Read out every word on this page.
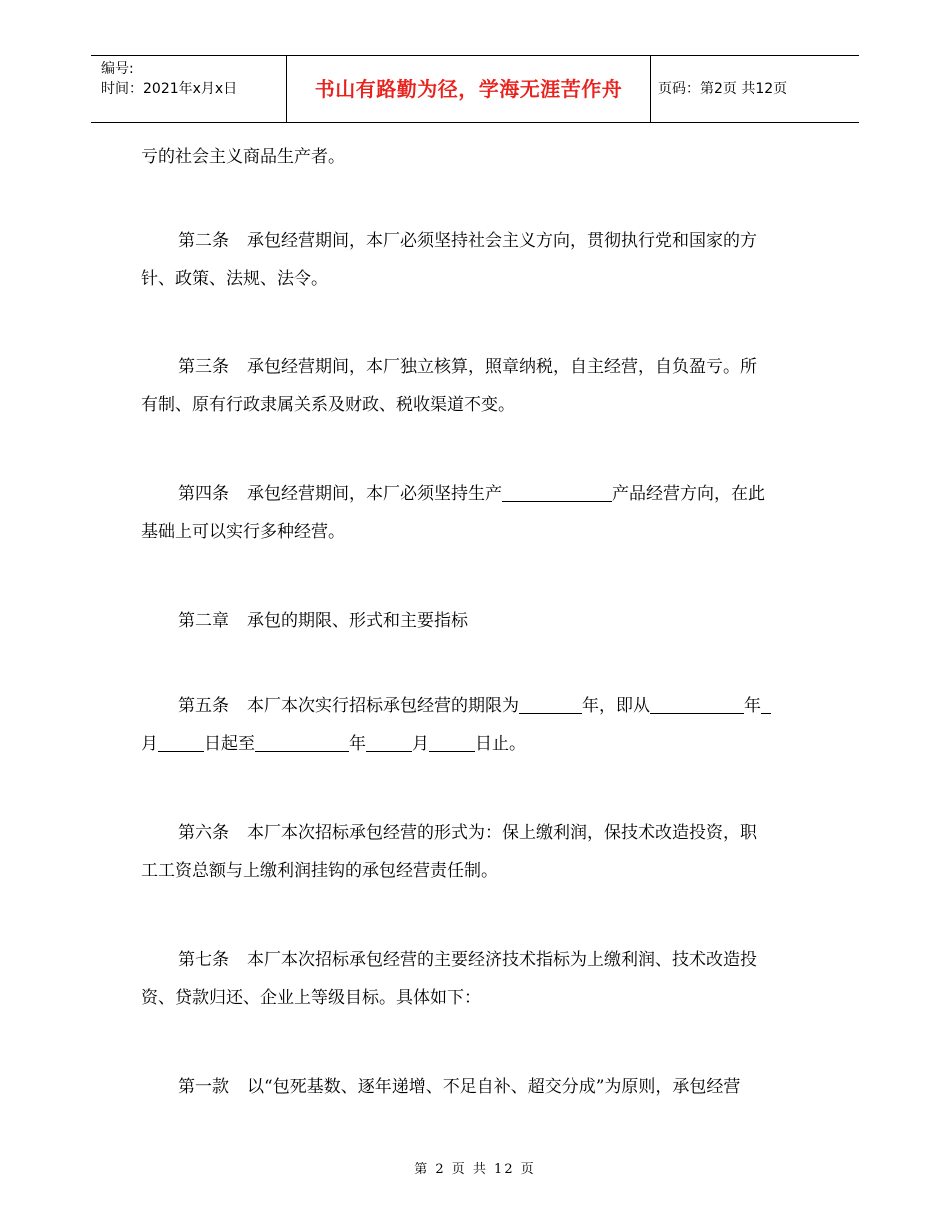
编号:
时间：2021年x月x日	书山有路勤为径，学海无涯苦作舟	页码：第2页 共12页
亏的社会主义商品生产者。
第二条 承包经营期间，本厂必须坚持社会主义方向，贯彻执行党和国家的方
针、政策、法规、法令。
第三条 承包经营期间，本厂独立核算，照章纳税，自主经营，自负盈亏。所
有制、原有行政隶属关系及财政、税收渠道不变。
第四条 承包经营期间，本厂必须坚持生产	产品经营方向，在此
基础上可以实行多种经营。
第二章 承包的期限、形式和主要指标
第五条 本厂本次实行招标承包经营的期限为	年，即从	年
月	日起至	年	月	日止。
第六条 本厂本次招标承包经营的形式为：保上缴利润，保技术改造投资，职
工工资总额与上缴利润挂钩的承包经营责任制。
第七条 本厂本次招标承包经营的主要经济技术指标为上缴利润、技术改造投
资、贷款归还、企业上等级目标。具体如下：
第一款 以“包死基数、逐年递增、不足自补、超交分成”为原则，承包经营
第 2 页 共 12 页
